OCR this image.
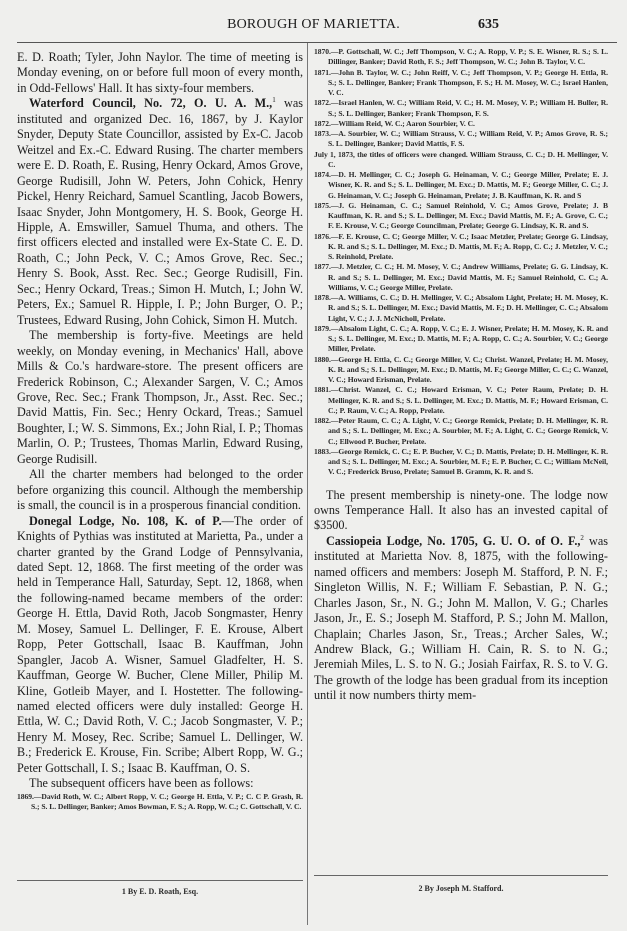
BOROUGH OF MARIETTA.	635

E. D. Roath; Tyler, John Naylor. The time of meeting is Monday evening, on or before full moon of every month, in Odd-Fellows' Hall. It has sixty-four members.

Waterford Council, No. 72, O. U. A. M.,$^1$ was instituted and organized Dec. 16, 1867, by J. Kaylor Snyder, Deputy State Councillor, assisted by Ex-C. Jacob Weitzel and Ex.-C. Edward Rusing. The charter members were E. D. Roath, E. Rusing, Henry Ockard, Amos Grove, George Rudisill, John W. Peters, John Cohick, Henry Pickel, Henry Reichard, Samuel Scantling, Jacob Bowers, Isaac Snyder, John Montgomery, H. S. Book, George H. Hipple, A. Emswiller, Samuel Thuma, and others. The first officers elected and installed were Ex-State C. E. D. Roath, C.; John Peck, V. C.; Amos Grove, Rec. Sec.; Henry S. Book, Asst. Rec. Sec.; George Rudisill, Fin. Sec.; Henry Ockard, Treas.; Simon H. Mutch, I.; John W. Peters, Ex.; Samuel R. Hipple, I. P.; John Burger, O. P.; Trustees, Edward Rusing, John Cohick, Simon H. Mutch.

The membership is forty-five. Meetings are held weekly, on Monday evening, in Mechanics' Hall, above Mills & Co.'s hardware-store. The present officers are Frederick Robinson, C.; Alexander Sargen, V. C.; Amos Grove, Rec. Sec.; Frank Thompson, Jr., Asst. Rec. Sec.; David Mattis, Fin. Sec.; Henry Ockard, Treas.; Samuel Boughter, I.; W. S. Simmons, Ex.; John Rial, I. P.; Thomas Marlin, O. P.; Trustees, Thomas Marlin, Edward Rusing, George Rudisill.

All the charter members had belonged to the order before organizing this council. Although the membership is small, the council is in a prosperous financial condition.

Donegal Lodge, No. 108, K. of P.—The order of Knights of Pythias was instituted at Marietta, Pa., under a charter granted by the Grand Lodge of Pennsylvania, dated Sept. 12, 1868. The first meeting of the order was held in Temperance Hall, Saturday, Sept. 12, 1868, when the following-named became members of the order: George H. Ettla, David Roth, Jacob Songmaster, Henry M. Mosey, Samuel L. Dellinger, F. E. Krouse, Albert Ropp, Peter Gottschall, Isaac B. Kauffman, John Spangler, Jacob A. Wisner, Samuel Gladfelter, H. S. Kauffman, George W. Bucher, Clene Miller, Philip M. Kline, Gotleib Mayer, and I. Hostetter. The following-named elected officers were duly installed: George H. Ettla, W. C.; David Roth, V. C.; Jacob Songmaster, V. P.; Henry M. Mosey, Rec. Scribe; Samuel L. Dellinger, W. B.; Frederick E. Krouse, Fin. Scribe; Albert Ropp, W. G.; Peter Gottschall, I. S.; Isaac B. Kauffman, O. S.

The subsequent officers have been as follows:

1869.—David Roth, W. C.; Albert Ropp, V. C.; George H. Ettla, V. P.; C. C P. Grash, R. S.; S. L. Dellinger, Banker; Amos Bowman, F. S.; A. Ropp, W. C.; C. Gottschall, V. C.
1 By E. D. Roath, Esq.
1870.—P. Gottschall, W. C.; Jeff Thompson, V. C.; A. Ropp, V. P.; S. E. Wisner, R. S.; S. L. Dillinger, Banker; David Roth, F. S.; Jeff Thompson, W. C.; John B. Taylor, V. C.
1871.—John B. Taylor, W. C.; John Reiff, V. C.; Jeff Thompson, V. P.; George H. Ettla, R. S.; S. L. Dellinger, Banker; Frank Thompson, F. S.; H. M. Mosey, W. C.; Israel Hanlen, V. C.
1872.—Israel Hanlen, W. C.; William Reid, V. C.; H. M. Mosey, V. P.; William H. Buller, R. S.; S. L. Dellinger, Banker; Frank Thompson, F. S.
1872.—William Reid, W. C.; Aaron Sourbier, V. C.
1873.—A. Sourbier, W. C.; William Strauss, V. C.; William Reid, V. P.; Amos Grove, R. S.; S. L. Dellinger, Banker; David Mattis, F. S.
July 1, 1873, the titles of officers were changed. William Strauss, C. C.; D. H. Mellinger, V. C.
1874.—D. H. Mellinger, C. C.; Joseph G. Heinaman, V. C.; George Miller, Prelate; E. J. Wisner, K. R. and S.; S. L. Dellinger, M. Exc.; D. Mattis, M. F.; George Miller, C. C.; J. G. Heinaman, V. C.; Joseph G. Heinaman, Prelate; J. B. Kauffman, K. R. and S
1875.—J. G. Heinaman, C. C.; Samuel Reinhold, V. C.; Amos Grove, Prelate; J. B Kauffman, K. R. and S.; S. L. Dellinger, M. Exc.; David Mattis, M. F.; A. Grove, C. C.; F. E. Krouse, V. C.; George Councilman, Prelate; George G. Lindsay, K. R. and S.
1876.—F. E. Krouse, C. C; George Miller, V. C.; Isaac Metzler, Prelate; George G. Lindsay, K. R. and S.; S. L. Dellinger, M. Exc.; D. Mattis, M. F.; A. Ropp, C. C.; J. Metzler, V. C.; S. Reinhold, Prelate.
1877.—J. Metzler, C. C.; H. M. Mosey, V. C.; Andrew Williams, Prelate; G. G. Lindsay, K. R. and S.; S. L. Dellinger, M. Exc.; David Mattis, M. F.; Samuel Reinhold, C. C.; A. Williams, V. C.; George Miller, Prelate.
1878.—A. Williams, C. C.; D. H. Mellinger, V. C.; Absalom Light, Prelate; H. M. Mosey, K. R. and S.; S. L. Dellinger, M. Exc.; David Mattis, M. F.; D. H. Mellinger, C. C.; Absalom Light, V. C.; J. J. McNicholl, Prelate.
1879.—Absalom Light, C. C.; A. Ropp, V. C.; E. J. Wisner, Prelate; H. M. Mosey, K. R. and S.; S. L. Dellinger, M. Exc.; D. Mattis, M. F.; A. Ropp, C. C.; A. Sourbier, V. C.; George Miller, Prelate.
1880.—George H. Ettla, C. C.; George Miller, V. C.; Christ. Wanzel, Prelate; H. M. Mosey, K. R. and S.; S. L. Dellinger, M. Exc.; D. Mattis, M. F.; George Miller, C. C.; C. Wanzel, V. C.; Howard Erisman, Prelate.
1881.—Christ. Wanzel, C. C.; Howard Erisman, V. C.; Peter Raum, Prelate; D. H. Mellinger, K. R. and S.; S. L. Dellinger, M. Exc.; D. Mattis, M. F.; Howard Erisman, C. C.; P. Raum, V. C.; A. Ropp, Prelate.
1882.—Peter Raum, C. C.; A. Light, V. C.; George Remick, Prelate; D. H. Mellinger, K. R. and S.; S. L. Dellinger, M. Exc.; A. Sourbier, M. F.; A. Light, C. C.; George Remick, V. C.; Ellwood P. Bucher, Prelate.
1883.—George Remick, C. C.; E. P. Bucher, V. C.; D. Mattis, Prelate; D. H. Mellinger, K. R. and S.; S. L. Dellinger, M. Exc.; A. Sourbier, M. F.; E. P. Bucher, C. C.; William McNeil, V. C.; Frederick Bruso, Prelate; Samuel B. Gramm, K. R. and S.

The present membership is ninety-one. The lodge now owns Temperance Hall. It also has an invested capital of $3500.

Cassiopeia Lodge, No. 1705, G. U. O. of O. F.,$^2$ was instituted at Marietta Nov. 8, 1875, with the following-named officers and members: Joseph M. Stafford, P. N. F.; Singleton Willis, N. F.; William F. Sebastian, P. N. G.; Charles Jason, Sr., N. G.; John M. Mallon, V. G.; Charles Jason, Jr., E. S.; Joseph M. Stafford, P. S.; John M. Mallon, Chaplain; Charles Jason, Sr., Treas.; Archer Sales, W.; Andrew Black, G.; William H. Cain, R. S. to N. G.; Jeremiah Miles, L. S. to N. G.; Josiah Fairfax, R. S. to V. G. The growth of the lodge has been gradual from its inception until it now numbers thirty mem-

2 By Joseph M. Stafford.
